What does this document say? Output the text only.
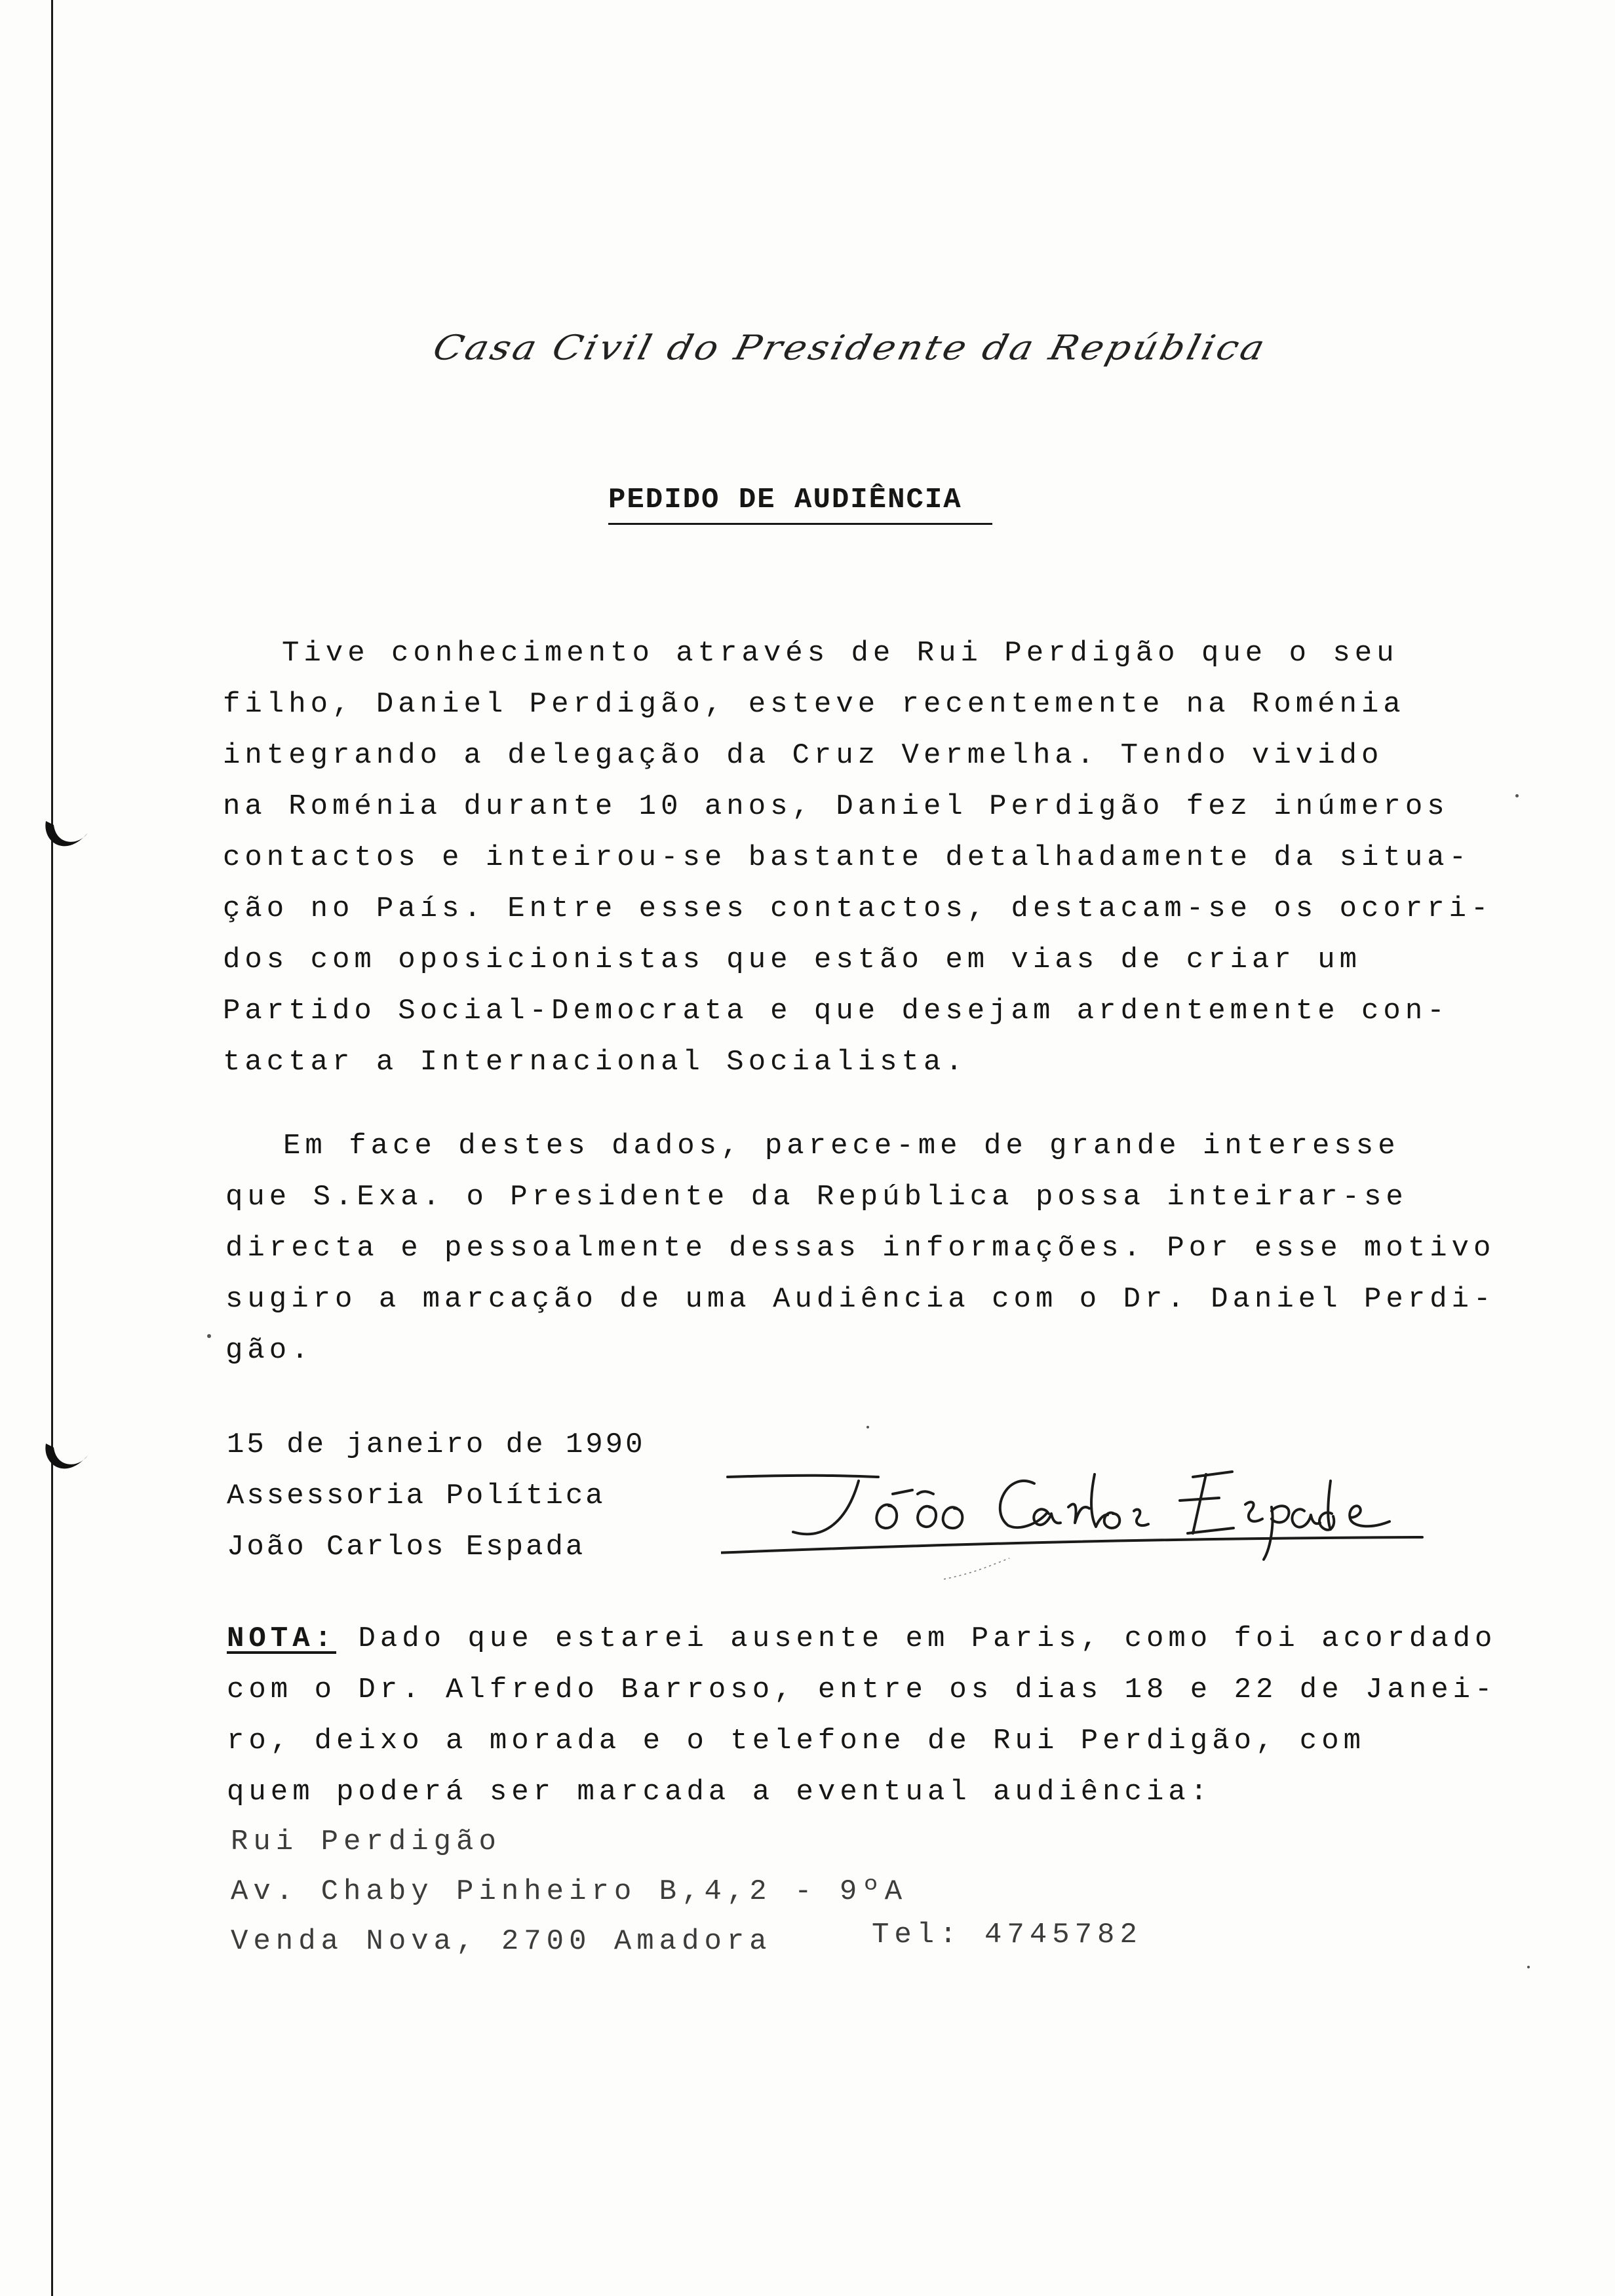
Casa Civil do Presidente da República
PEDIDO DE AUDIÊNCIA
Tive conhecimento através de Rui Perdigão que o seu
filho, Daniel Perdigão, esteve recentemente na Roménia
integrando a delegação da Cruz Vermelha. Tendo vivido
na Roménia durante 10 anos, Daniel Perdigão fez inúmeros
contactos e inteirou-se bastante detalhadamente da situa-
ção no País. Entre esses contactos, destacam-se os ocorri-
dos com oposicionistas que estão em vias de criar um
Partido Social-Democrata e que desejam ardentemente con-
tactar a Internacional Socialista.
Em face destes dados, parece-me de grande interesse
que S.Exa. o Presidente da República possa inteirar-se
directa e pessoalmente dessas informações. Por esse motivo
sugiro a marcação de uma Audiência com o Dr. Daniel Perdi-
gão.
15 de janeiro de 1990
Assessoria Política
João Carlos Espada
NOTA: Dado que estarei ausente em Paris, como foi acordado
com o Dr. Alfredo Barroso, entre os dias 18 e 22 de Janei-
ro, deixo a morada e o telefone de Rui Perdigão, com
quem poderá ser marcada a eventual audiência:
Rui Perdigão
Av. Chaby Pinheiro B,4,2 - 9ºA
Venda Nova, 2700 Amadora	Tel: 4745782
